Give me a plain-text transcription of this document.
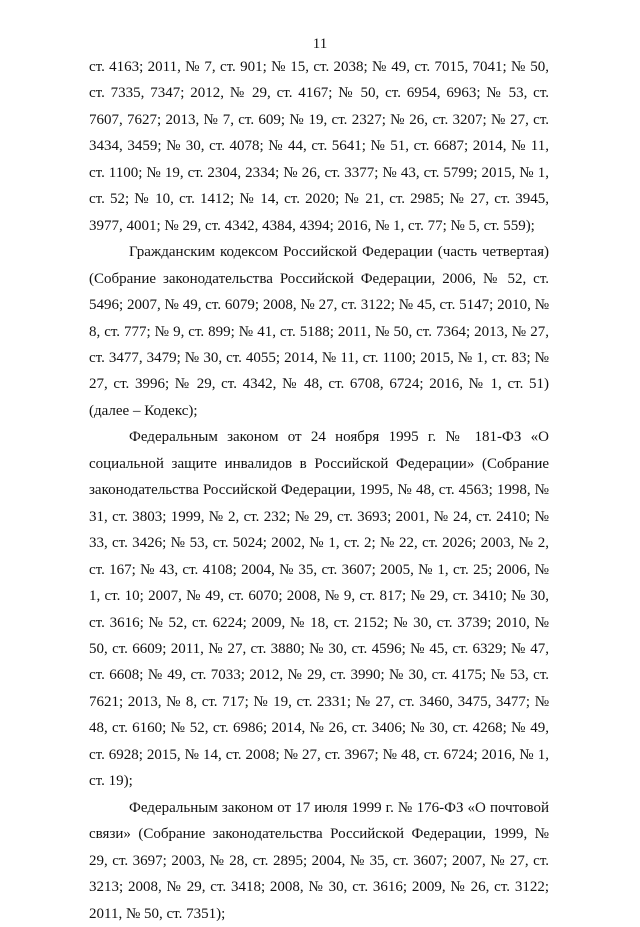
11

ст. 4163; 2011, № 7, ст. 901; № 15, ст. 2038; № 49, ст. 7015, 7041; № 50, ст. 7335, 7347; 2012, № 29, ст. 4167; № 50, ст. 6954, 6963; № 53, ст. 7607, 7627; 2013, № 7, ст. 609; № 19, ст. 2327; № 26, ст. 3207; № 27, ст. 3434, 3459; № 30, ст. 4078; № 44, ст. 5641; № 51, ст. 6687; 2014, № 11, ст. 1100; № 19, ст. 2304, 2334; № 26, ст. 3377; № 43, ст. 5799; 2015, № 1, ст. 52; № 10, ст. 1412; № 14, ст. 2020; № 21, ст. 2985; № 27, ст. 3945, 3977, 4001; № 29, ст. 4342, 4384, 4394; 2016, № 1, ст. 77; № 5, ст. 559);

Гражданским кодексом Российской Федерации (часть четвертая) (Собрание законодательства Российской Федерации, 2006, № 52, ст. 5496; 2007, № 49, ст. 6079; 2008, № 27, ст. 3122; № 45, ст. 5147; 2010, № 8, ст. 777; № 9, ст. 899; № 41, ст. 5188; 2011, № 50, ст. 7364; 2013, № 27, ст. 3477, 3479; № 30, ст. 4055; 2014, № 11, ст. 1100; 2015, № 1, ст. 83; № 27, ст. 3996; № 29, ст. 4342, № 48, ст. 6708, 6724; 2016, № 1, ст. 51) (далее – Кодекс);

Федеральным законом от 24 ноября 1995 г. № 181-ФЗ «О социальной защите инвалидов в Российской Федерации» (Собрание законодательства Российской Федерации, 1995, № 48, ст. 4563; 1998, № 31, ст. 3803; 1999, № 2, ст. 232; № 29, ст. 3693; 2001, № 24, ст. 2410; № 33, ст. 3426; № 53, ст. 5024; 2002, № 1, ст. 2; № 22, ст. 2026; 2003, № 2, ст. 167; № 43, ст. 4108; 2004, № 35, ст. 3607; 2005, № 1, ст. 25; 2006, № 1, ст. 10; 2007, № 49, ст. 6070; 2008, № 9, ст. 817; № 29, ст. 3410; № 30, ст. 3616; № 52, ст. 6224; 2009, № 18, ст. 2152; № 30, ст. 3739; 2010, № 50, ст. 6609; 2011, № 27, ст. 3880; № 30, ст. 4596; № 45, ст. 6329; № 47, ст. 6608; № 49, ст. 7033; 2012, № 29, ст. 3990; № 30, ст. 4175; № 53, ст. 7621; 2013, № 8, ст. 717; № 19, ст. 2331; № 27, ст. 3460, 3475, 3477; № 48, ст. 6160; № 52, ст. 6986; 2014, № 26, ст. 3406; № 30, ст. 4268; № 49, ст. 6928; 2015, № 14, ст. 2008; № 27, ст. 3967; № 48, ст. 6724; 2016, № 1, ст. 19);

Федеральным законом от 17 июля 1999 г. № 176-ФЗ «О почтовой связи» (Собрание законодательства Российской Федерации, 1999, № 29, ст. 3697; 2003, № 28, ст. 2895; 2004, № 35, ст. 3607; 2007, № 27, ст. 3213; 2008, № 29, ст. 3418; 2008, № 30, ст. 3616; 2009, № 26, ст. 3122; 2011, № 50, ст. 7351);
